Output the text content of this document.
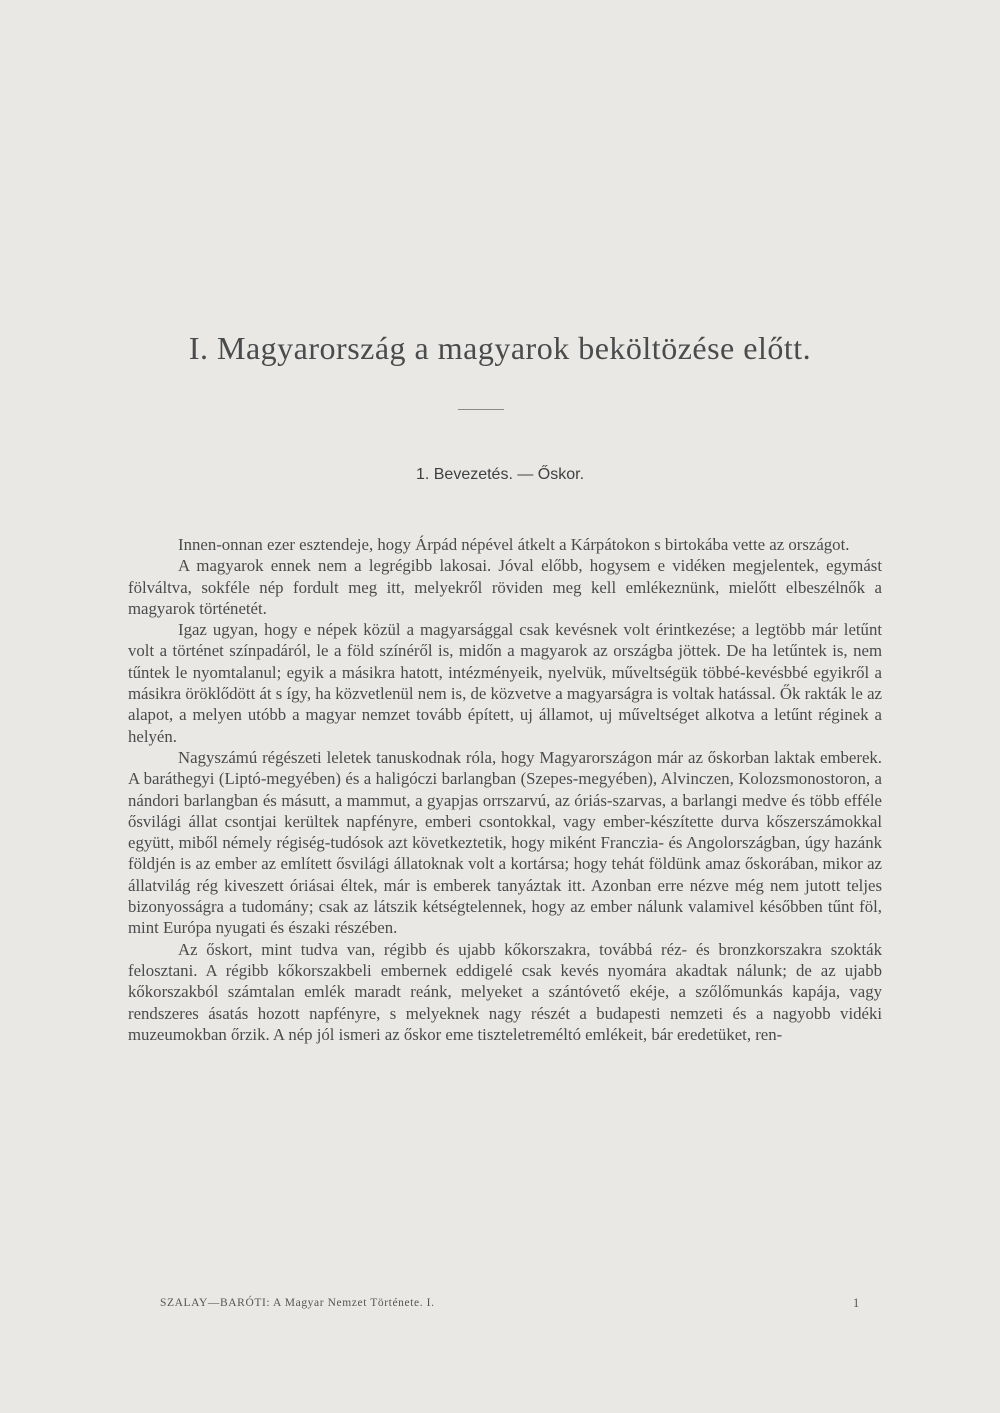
I. Magyarország a magyarok beköltözése előtt.
1. Bevezetés. — Őskor.

Innen-onnan ezer esztendeje, hogy Árpád népével átkelt a Kárpátokon s birtokába vette az országot.

A magyarok ennek nem a legrégibb lakosai. Jóval előbb, hogysem e vidéken megjelentek, egymást fölváltva, sokféle nép fordult meg itt, melyekről röviden meg kell emlékeznünk, mielőtt elbeszélnők a magyarok történetét.

Igaz ugyan, hogy e népek közül a magyarsággal csak kevésnek volt érintkezése; a legtöbb már letűnt volt a történet színpadáról, le a föld színéről is, midőn a magyarok az országba jöttek. De ha letűntek is, nem tűntek le nyomtalanul; egyik a másikra hatott, intézményeik, nyelvük, műveltségük többé-kevésbbé egyikről a másikra öröklődött át s így, ha közvetlenül nem is, de közvetve a magyarságra is voltak hatással. Ők rakták le az alapot, a melyen utóbb a magyar nemzet tovább épített, uj államot, uj műveltséget alkotva a letűnt réginek a helyén.

Nagyszámú régészeti leletek tanuskodnak róla, hogy Magyarországon már az őskorban laktak emberek. A baráthegyi (Liptó-megyében) és a haligóczi barlangban (Szepes-megyében), Alvinczen, Kolozsmonostoron, a nándori barlangban és másutt, a mammut, a gyapjas orrszarvú, az óriás-szarvas, a barlangi medve és több efféle ősvilági állat csontjai kerültek napfényre, emberi csontokkal, vagy ember-készítette durva kőszerszámokkal együtt, miből némely régiség-tudósok azt következtetik, hogy miként Franczia- és Angolországban, úgy hazánk földjén is az ember az említett ősvilági állatoknak volt a kortársa; hogy tehát földünk amaz őskorában, mikor az állatvilág rég kiveszett óriásai éltek, már is emberek tanyáztak itt. Azonban erre nézve még nem jutott teljes bizonyosságra a tudomány; csak az látszik kétségtelennek, hogy az ember nálunk valamivel későbben tűnt föl, mint Európa nyugati és északi részében.

Az őskort, mint tudva van, régibb és ujabb kőkorszakra, továbbá réz- és bronzkorszakra szokták felosztani. A régibb kőkorszakbeli embernek eddigelé csak kevés nyomára akadtak nálunk; de az ujabb kőkorszakból számtalan emlék maradt reánk, melyeket a szántóvető ekéje, a szőlőmunkás kapája, vagy rendszeres ásatás hozott napfényre, s melyeknek nagy részét a budapesti nemzeti és a nagyobb vidéki muzeumokban őrzik. A nép jól ismeri az őskor eme tiszteletreméltó emlékeit, bár eredetüket, ren-

SZALAY—BARÓTI: A Magyar Nemzet Története. I.	1
